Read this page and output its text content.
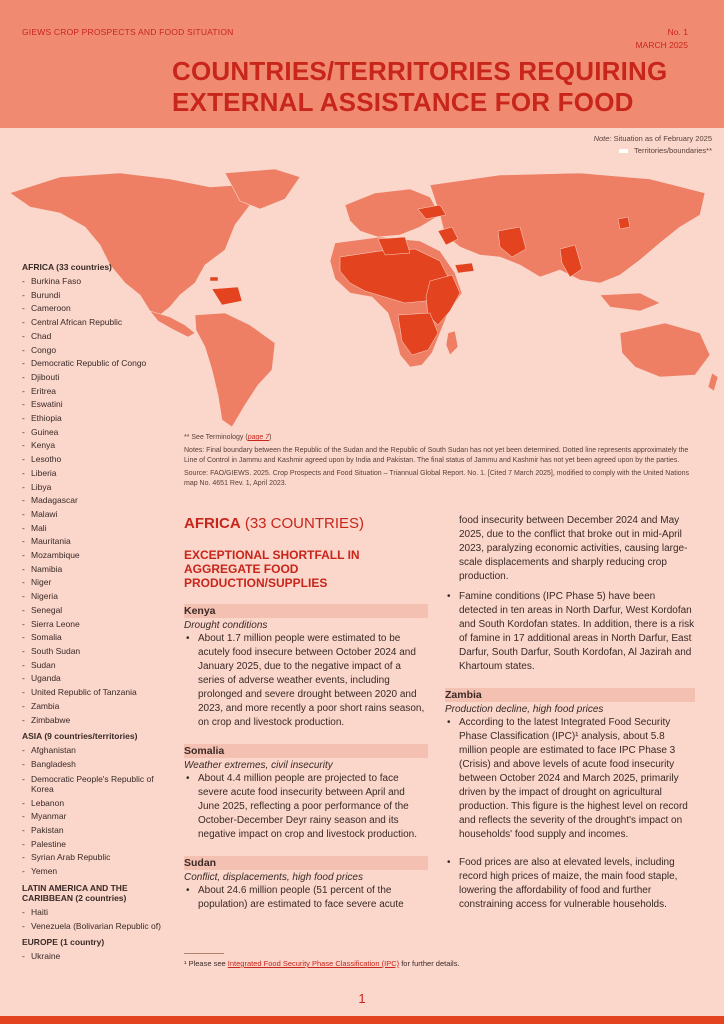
GIEWS CROP PROSPECTS AND FOOD SITUATION	No. 1
MARCH 2025
COUNTRIES/TERRITORIES REQUIRING
EXTERNAL ASSISTANCE FOR FOOD
Note: Situation as of February 2025
Territories/boundaries**
AFRICA (33 countries)
- Burkina Faso
- Burundi
- Cameroon
- Central African Republic
- Chad
- Congo
- Democratic Republic of Congo
- Djibouti
- Eritrea
- Eswatini
- Ethiopia
- Guinea
- Kenya
- Lesotho
- Liberia
- Libya
- Madagascar
- Malawi
- Mali
- Mauritania
- Mozambique
- Namibia
- Niger
- Nigeria
- Senegal
- Sierra Leone
- Somalia
- South Sudan
- Sudan
- Uganda
- United Republic of Tanzania
- Zambia
- Zimbabwe
ASIA (9 countries/territories)
- Afghanistan
- Bangladesh
- Democratic People's Republic of Korea
- Lebanon
- Myanmar
- Pakistan
- Palestine
- Syrian Arab Republic
- Yemen
LATIN AMERICA AND THE CARIBBEAN (2 countries)
- Haiti
- Venezuela (Bolivarian Republic of)
EUROPE (1 country)
- Ukraine

** See Terminology (page 7)

Notes: Final boundary between the Republic of the Sudan and the Republic of South Sudan has not yet been determined. Dotted line represents approximately the Line of Control in Jammu and Kashmir agreed upon by India and Pakistan. The final status of Jammu and Kashmir has not yet been agreed upon by the parties.

Source: FAO/GIEWS. 2025. Crop Prospects and Food Situation – Triannual Global Report. No. 1. [Cited 7 March 2025], modified to comply with the United Nations map No. 4651 Rev. 1, April 2023.

AFRICA (33 COUNTRIES)
EXCEPTIONAL SHORTFALL IN AGGREGATE FOOD PRODUCTION/SUPPLIES
Kenya
Drought conditions
• About 1.7 million people were estimated to be acutely food insecure between October 2024 and January 2025, due to the negative impact of a series of adverse weather events, including prolonged and severe drought between 2020 and 2023, and more recently a poor short rains season, on crop and livestock production.
Somalia
Weather extremes, civil insecurity
• About 4.4 million people are projected to face severe acute food insecurity between April and June 2025, reflecting a poor performance of the October-December Deyr rainy season and its negative impact on crop and livestock production.
Sudan
Conflict, displacements, high food prices
• About 24.6 million people (51 percent of the population) are estimated to face severe acute
food insecurity between December 2024 and May 2025, due to the conflict that broke out in mid-April 2023, paralyzing economic activities, causing large-scale displacements and sharply reducing crop production.
• Famine conditions (IPC Phase 5) have been detected in ten areas in North Darfur, West Kordofan and South Kordofan states. In addition, there is a risk of famine in 17 additional areas in North Darfur, East Darfur, South Darfur, South Kordofan, Al Jazirah and Khartoum states.
Zambia
Production decline, high food prices
• According to the latest Integrated Food Security Phase Classification (IPC)¹ analysis, about 5.8 million people are estimated to face IPC Phase 3 (Crisis) and above levels of acute food insecurity between October 2024 and March 2025, primarily driven by the impact of drought on agricultural production. This figure is the highest level on record and reflects the severity of the drought's impact on households' food supply and incomes.
• Food prices are also at elevated levels, including record high prices of maize, the main food staple, lowering the affordability of food and further constraining access for vulnerable households.
¹ Please see Integrated Food Security Phase Classification (IPC) for further details.
1
